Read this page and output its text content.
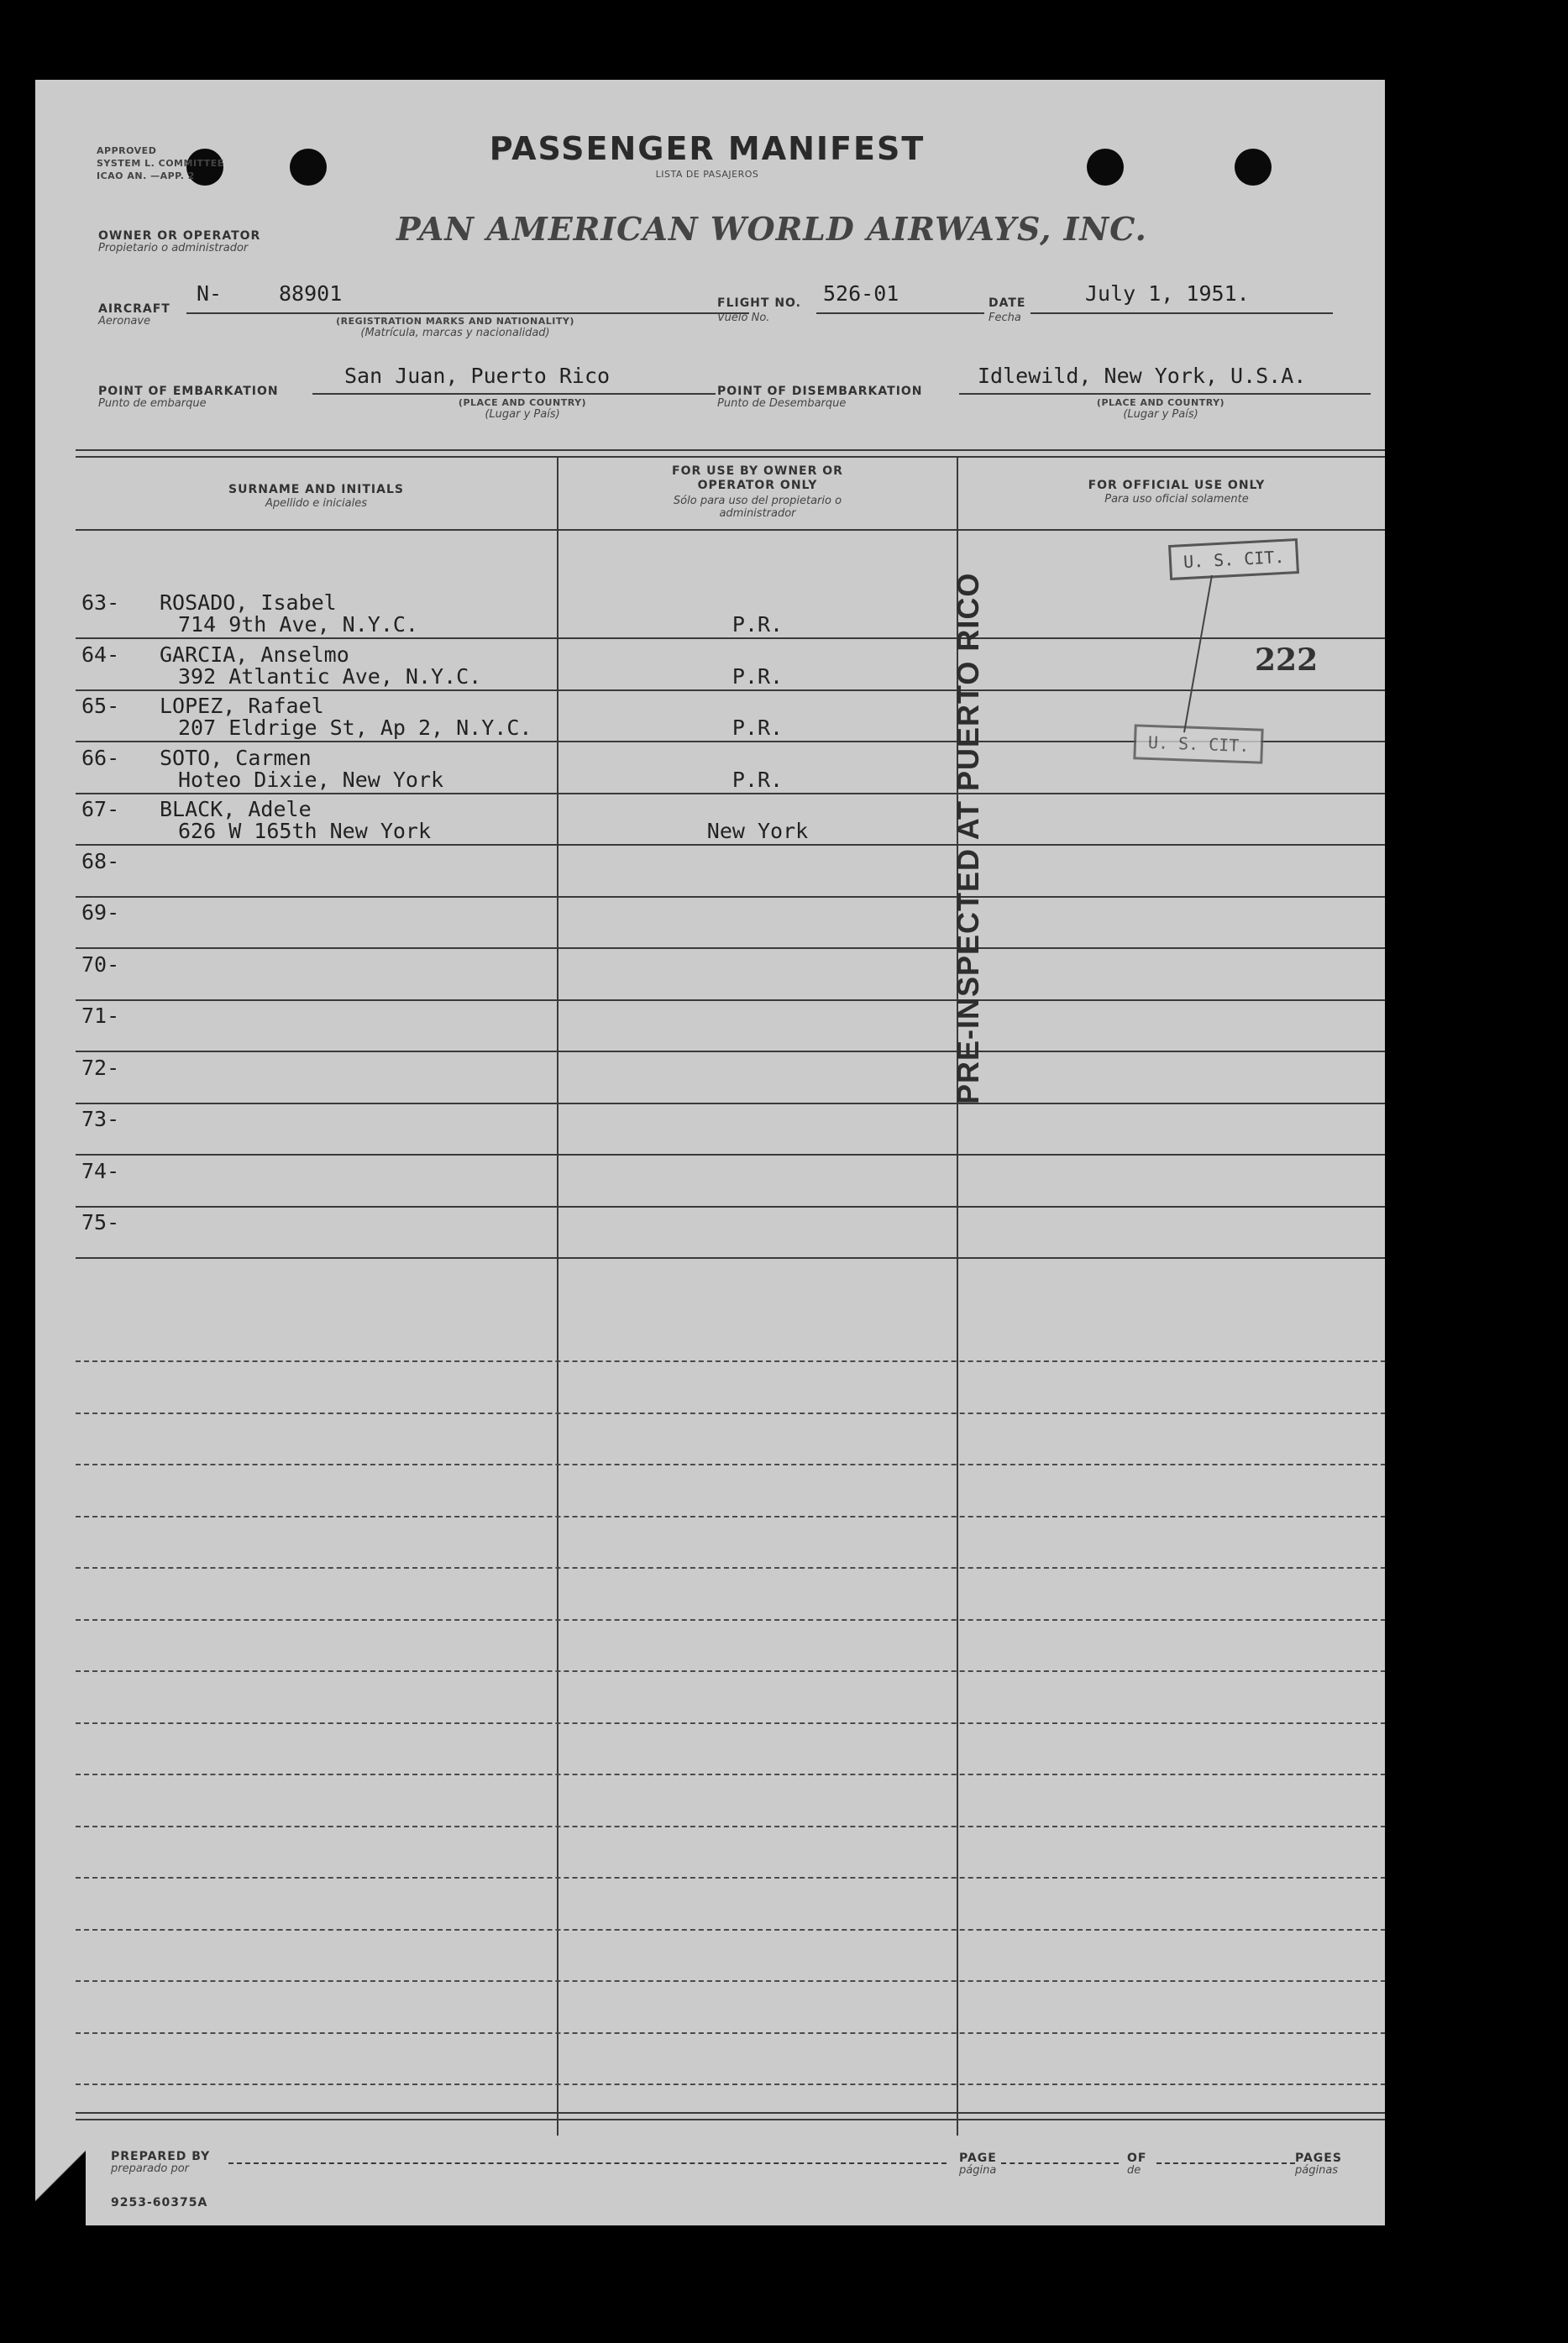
APPROVED
SYSTEM L. COMMITTEE
ICAO AN. —APP. 2
PASSENGER MANIFEST
LISTA DE PASAJEROS
OWNER OR OPERATOR
Propietario o administrador
PAN AMERICAN WORLD AIRWAYS, INC.
AIRCRAFT
Aeronave
N-	88901
(REGISTRATION MARKS AND NATIONALITY)
(Matrícula, marcas y nacionalidad)
FLIGHT NO.
Vuelo No.
526-01	DATE
Fecha
July 1, 1951.
POINT OF EMBARKATION
Punto de embarque
San Juan, Puerto Rico
(PLACE AND COUNTRY)
(Lugar y País)
POINT OF DISEMBARKATION
Punto de Desembarque
Idlewild, New York, U.S.A.
(PLACE AND COUNTRY)
(Lugar y País)
SURNAME AND INITIALS
Apellido e iniciales
FOR USE BY OWNER OR OPERATOR ONLY
Sólo para uso del propietario o administrador
FOR OFFICIAL USE ONLY
Para uso oficial solamente
63- ROSADO, Isabel
714 9th Ave, N.Y.C.	P.R.
64- GARCIA, Anselmo
392 Atlantic Ave, N.Y.C.	P.R.
65- LOPEZ, Rafael
207 Eldrige St, Ap 2, N.Y.C.	P.R.
66- SOTO, Carmen
Hoteo Dixie, New York	P.R.
67- BLACK, Adele
626 W 165th New York	New York
68-
69-
70-
71-
72-
73-
74-
75-
PRE-INSPECTED AT PUERTO RICO
U. S. CIT.
U. S. CIT.
222
PREPARED BY
preparado por
PAGE
página
OF
de
PAGES
páginas
9253-60375A
